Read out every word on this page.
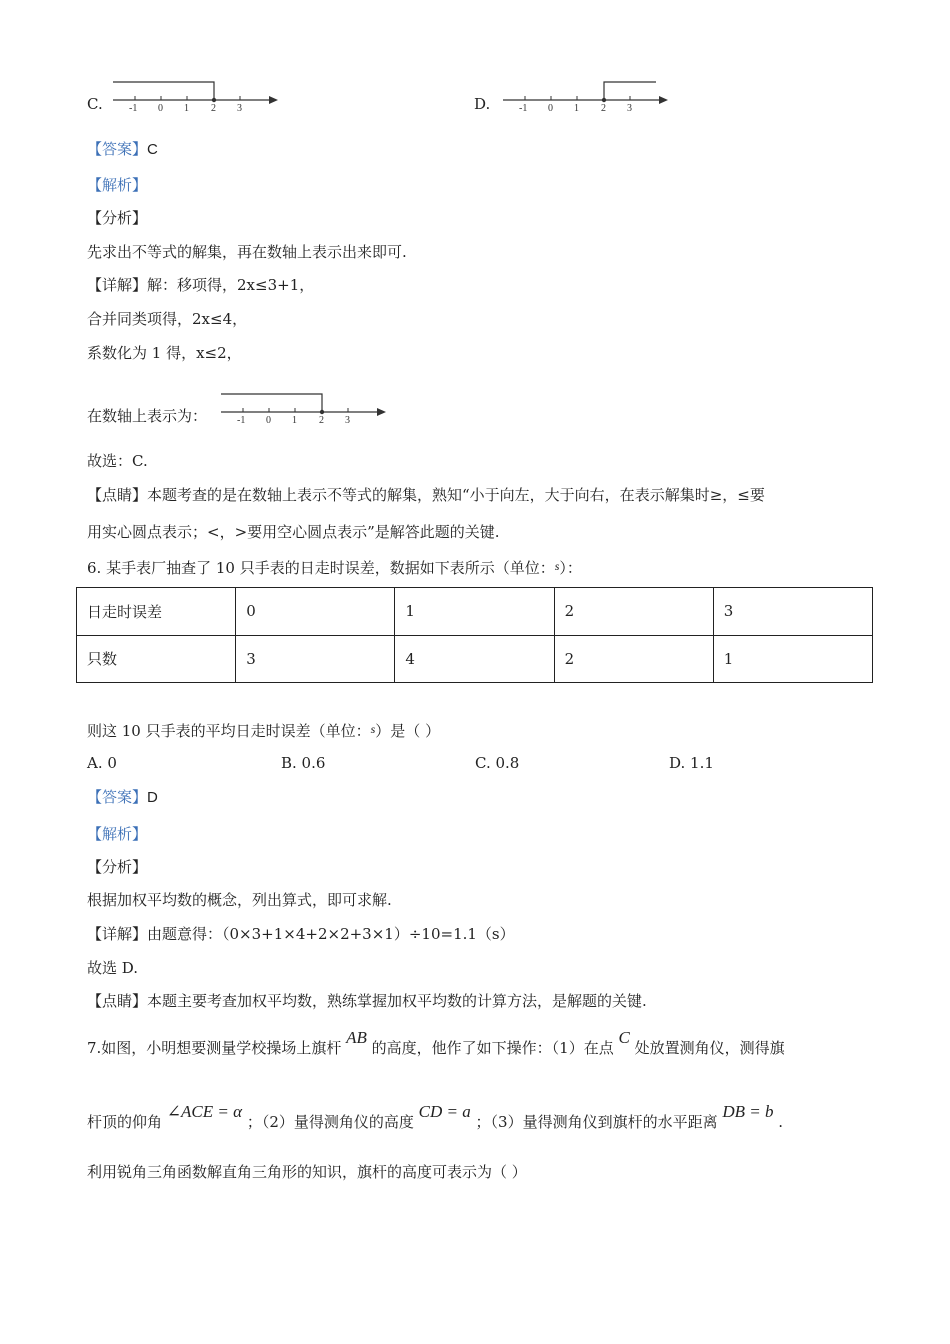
C.	-1 0 1 2 3	D.	-1 0 1 2 3
【答案】C
【解析】
【分析】
先求出不等式的解集，再在数轴上表示出来即可.
【详解】解：移项得，2x≤3+1，
合并同类项得，2x≤4，
系数化为 1 得，x≤2，
在数轴上表示为：	-1 0 1 2 3
故选：C.
【点睛】本题考查的是在数轴上表示不等式的解集，熟知“小于向左，大于向右，在表示解集时≥，≤要
用实心圆点表示；<，>要用空心圆点表示”是解答此题的关键.
6. 某手表厂抽查了 10 只手表的日走时误差，数据如下表所示（单位：$^s$）：
日走时误差	0	1	2	3
只数	3	4	2	1
则这 10 只手表的平均日走时误差（单位：$^s$）是（ ）
A. 0	B. 0.6	C. 0.8	D. 1.1
【答案】D
【解析】
【分析】
根据加权平均数的概念，列出算式，即可求解.
【详解】由题意得：（0×3+1×4+2×2+3×1）÷10=1.1（s）
故选 D.
【点睛】本题主要考查加权平均数，熟练掌握加权平均数的计算方法，是解题的关键.
7.如图，小明想要测量学校操场上旗杆 AB 的高度，他作了如下操作：（1）在点 C 处放置测角仪，测得旗
杆顶的仰角 ∠ACE = α ；（2）量得测角仪的高度 CD = a ；（3）量得测角仪到旗杆的水平距离 DB = b .
利用锐角三角函数解直角三角形的知识，旗杆的高度可表示为（ ）
